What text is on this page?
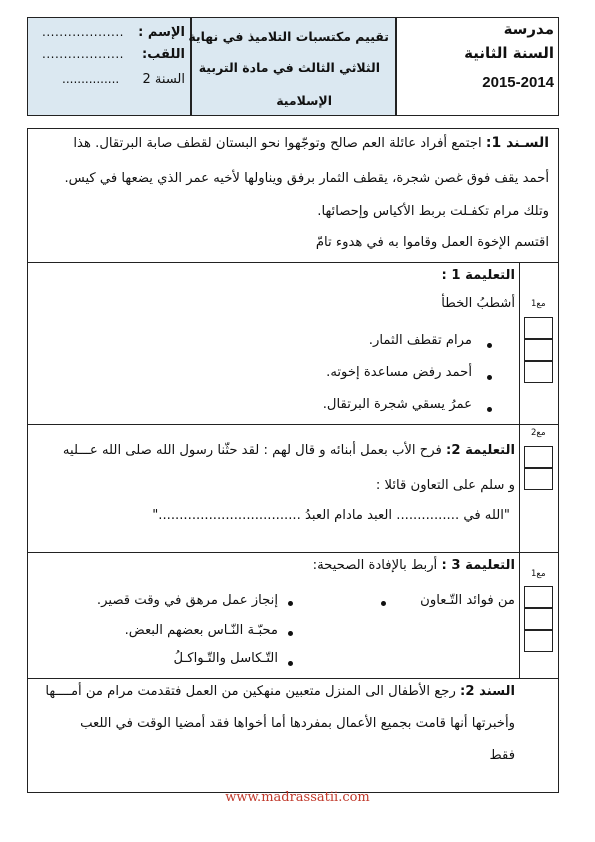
مدرسة
السنة الثانية
2015-2014
تقييم مكتسبات التلاميذ في نهاية
الثلاثي الثالث في مادة التربية
الإسلامية
الإسم :
...................
اللقب:
...................
السنة 2
...............
السـند 1: اجتمع أفراد عائلة العم صالح وتوجّهوا نحو البستان لقطف صابة البرتقال. هذا
أحمد يقف فوق غصن شجرة، يقطف الثمار برفق ويناولها لأخيه عمر الذي يضعها في كيس.
وتلك مرام تكفـلت بربط الأكياس وإحصائها.
اقتسم الإخوة العمل وقاموا به في هدوء تامّ
التعليمة 1 :
مع1
أشطبُ الخطأ
مرام تقطف الثمار.
أحمد رفض مساعدة إخوته.
عمرُ يسقي شجرة البرتقال.
مع2
التعليمة 2: فرح الأب بعمل أبنائه و قال لهم : لقد حثّنا رسول الله صلى الله عـــليه
و سلم على التعاون قائلا :
"الله في ............... العبد مادام العبدُ .................................."
التعليمة 3 : أربط بالإفادة الصحيحة:
مع1
من فوائد التّـعاون
إنجاز عمل مرهق في وقت قصير.
محبّـة النّـاس بعضهم البعض.
التّـكاسل والتّـواكـلُ
السند 2: رجع الأطفال الى المنزل متعبين منهكين من العمل فتقدمت مرام من أمــــها
وأخبرتها أنها قامت بجميع الأعمال بمفردها أما أخواها فقد أمضيا الوقت في اللعب
فقط
www.madrassatii.com
